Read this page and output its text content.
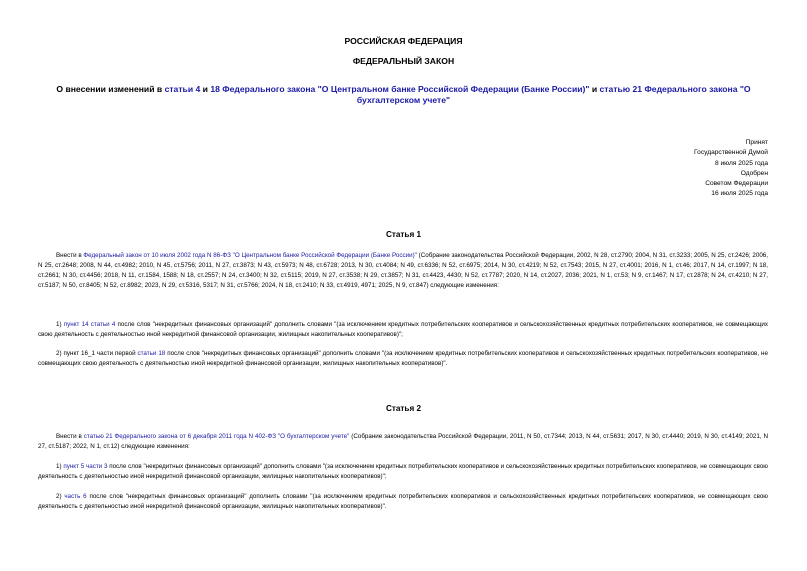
РОССИЙСКАЯ ФЕДЕРАЦИЯ
ФЕДЕРАЛЬНЫЙ ЗАКОН
О внесении изменений в статьи 4 и 18 Федерального закона "О Центральном банке Российской Федерации (Банке России)" и статью 21 Федерального закона "О бухгалтерском учете"
Принят
Государственной Думой
8 июля 2025 года
Одобрен
Советом Федерации
16 июля 2025 года
Статья 1
Внести в Федеральный закон от 10 июля 2002 года N 86-ФЗ "О Центральном банке Российской Федерации (Банке России)" (Собрание законодательства Российской Федерации, 2002, N 28, ст.2790; 2004, N 31, ст.3233; 2005, N 25, ст.2426; 2006, N 25, ст.2648; 2008, N 44, ст.4982; 2010, N 45, ст.5756; 2011, N 27, ст.3873; N 43, ст.5973; N 48, ст.6728; 2013, N 30, ст.4084; N 49, ст.6336; N 52, ст.6975; 2014, N 30, ст.4219; N 52, ст.7543; 2015, N 27, ст.4001; 2016, N 1, ст.46; 2017, N 14, ст.1997; N 18, ст.2661; N 30, ст.4456; 2018, N 11, ст.1584, 1588; N 18, ст.2557; N 24, ст.3400; N 32, ст.5115; 2019, N 27, ст.3538; N 29, ст.3857; N 31, ст.4423, 4430; N 52, ст.7787; 2020, N 14, ст.2027, 2036; 2021, N 1, ст.53; N 9, ст.1467; N 17, ст.2878; N 24, ст.4210; N 27, ст.5187; N 50, ст.8405; N 52, ст.8982; 2023, N 29, ст.5316, 5317; N 31, ст.5766; 2024, N 18, ст.2410; N 33, ст.4919, 4971; 2025, N 9, ст.847) следующие изменения:
1) пункт 14 статьи 4 после слов "некредитных финансовых организаций" дополнить словами "(за исключением кредитных потребительских кооперативов и сельскохозяйственных кредитных потребительских кооперативов, не совмещающих свою деятельность с деятельностью иной некредитной финансовой организации, жилищных накопительных кооперативов)";
2) пункт 16_1 части первой статьи 18 после слов "некредитных финансовых организаций" дополнить словами "(за исключением кредитных потребительских кооперативов и сельскохозяйственных кредитных потребительских кооперативов, не совмещающих свою деятельность с деятельностью иной некредитной финансовой организации, жилищных накопительных кооперативов)".
Статья 2
Внести в статью 21 Федерального закона от 6 декабря 2011 года N 402-ФЗ "О бухгалтерском учете" (Собрание законодательства Российской Федерации, 2011, N 50, ст.7344; 2013, N 44, ст.5631; 2017, N 30, ст.4440; 2019, N 30, ст.4149; 2021, N 27, ст.5187; 2022, N 1, ст.12) следующие изменения:
1) пункт 5 части 3 после слов "некредитных финансовых организаций" дополнить словами "(за исключением кредитных потребительских кооперативов и сельскохозяйственных кредитных потребительских кооперативов, не совмещающих свою деятельность с деятельностью иной некредитной финансовой организации, жилищных накопительных кооперативов)";
2) часть 6 после слов "некредитных финансовых организаций" дополнить словами "(за исключением кредитных потребительских кооперативов и сельскохозяйственных кредитных потребительских кооперативов, не совмещающих свою деятельность с деятельностью иной некредитной финансовой организации, жилищных накопительных кооперативов)".
